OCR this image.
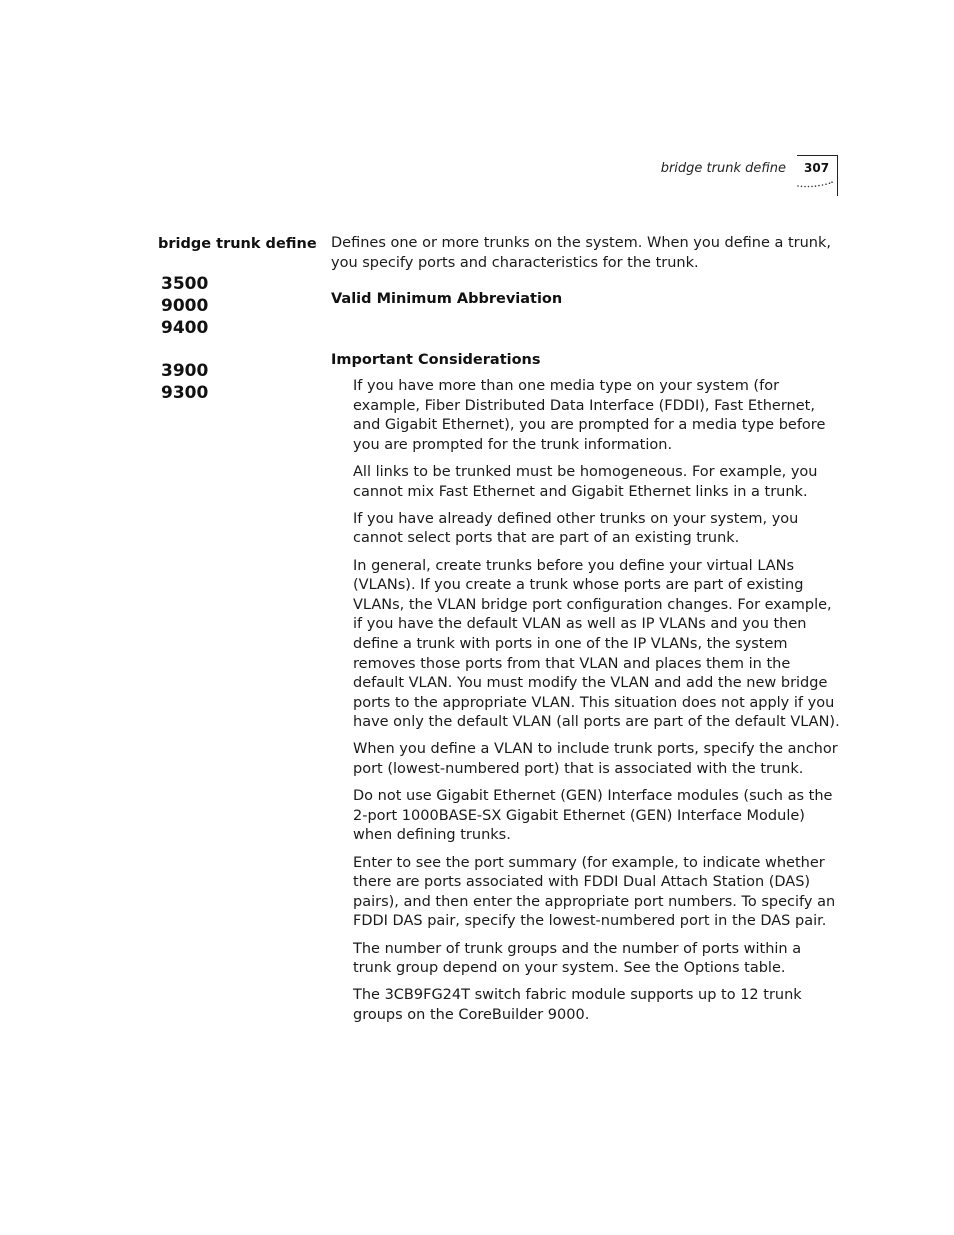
bridge trunk define 307
bridge trunk define
3500
9000
9400
3900
9300
Defines one or more trunks on the system. When you define a trunk, you specify ports and characteristics for the trunk.
Valid Minimum Abbreviation
Important Considerations

If you have more than one media type on your system (for example, Fiber Distributed Data Interface (FDDI), Fast Ethernet, and Gigabit Ethernet), you are prompted for a media type before you are prompted for the trunk information.

All links to be trunked must be homogeneous. For example, you cannot mix Fast Ethernet and Gigabit Ethernet links in a trunk.

If you have already defined other trunks on your system, you cannot select ports that are part of an existing trunk.

In general, create trunks before you define your virtual LANs (VLANs). If you create a trunk whose ports are part of existing VLANs, the VLAN bridge port configuration changes. For example, if you have the default VLAN as well as IP VLANs and you then define a trunk with ports in one of the IP VLANs, the system removes those ports from that VLAN and places them in the default VLAN. You must modify the VLAN and add the new bridge ports to the appropriate VLAN. This situation does not apply if you have only the default VLAN (all ports are part of the default VLAN).

When you define a VLAN to include trunk ports, specify the anchor port (lowest-numbered port) that is associated with the trunk.

Do not use Gigabit Ethernet (GEN) Interface modules (such as the 2-port 1000BASE-SX Gigabit Ethernet (GEN) Interface Module) when defining trunks.

Enter to see the port summary (for example, to indicate whether there are ports associated with FDDI Dual Attach Station (DAS) pairs), and then enter the appropriate port numbers. To specify an FDDI DAS pair, specify the lowest-numbered port in the DAS pair.

The number of trunk groups and the number of ports within a trunk group depend on your system. See the Options table.

The 3CB9FG24T switch fabric module supports up to 12 trunk groups on the CoreBuilder 9000.
